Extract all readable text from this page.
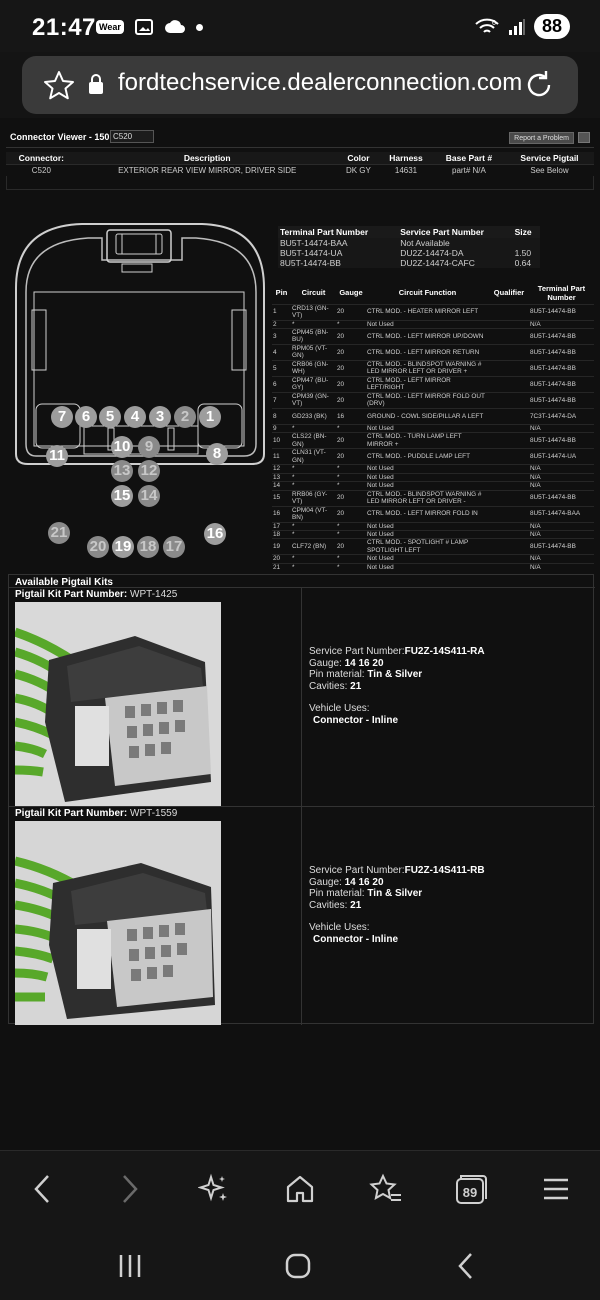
21:47 Wear	6	88
fordtechservice.dealerconnection.com
Connector Viewer - 150 C520	Report a Problem
Connector:	Description	Color	Harness	Base Part #	Service Pigtail
C520	EXTERIOR REAR VIEW MIRROR, DRIVER SIDE	DK GY	14631	part# N/A	See Below
7	6	5	4	3	2	1
11
10 9	8
13 12
15 14
21
20 19 18 17
16
Terminal Part Number	Service Part Number	Size
BU5T-14474-BAA	Not Available	
BU5T-14474-UA	DU2Z-14474-DA	1.50
8U5T-14474-BB	DU2Z-14474-CAFC	0.64
Pin	Circuit	Gauge	Circuit Function	Qualifier	Terminal Part Number
1	CRD13 (GN-VT)	20	CTRL MOD. - HEATER MIRROR LEFT		8U5T-14474-BB
2	*	*	Not Used		N/A
3	CPM45 (BN-BU)	20	CTRL MOD. - LEFT MIRROR UP/DOWN		8U5T-14474-BB
4	RPM05 (VT-GN)	20	CTRL MOD. - LEFT MIRROR RETURN		8U5T-14474-BB
5	CRB06 (GN-WH)	20	CTRL MOD. - BLINDSPOT WARNING # LED MIRROR LEFT OR DRIVER +		8U5T-14474-BB
6	CPM47 (BU-GY)	20	CTRL MOD. - LEFT MIRROR LEFT/RIGHT		8U5T-14474-BB
7	CPM39 (GN-VT)	20	CTRL MOD. - LEFT MIRROR FOLD OUT (DRV)		8U5T-14474-BB
8	GD233 (BK)	16	GROUND - COWL SIDE/PILLAR A LEFT		7C3T-14474-DA
9	*	*	Not Used		N/A
10	CLS22 (BN-GN)	20	CTRL MOD. - TURN LAMP LEFT MIRROR +		8U5T-14474-BB
11	CLN31 (VT-GN)	20	CTRL MOD. - PUDDLE LAMP LEFT		8U5T-14474-UA
12	*	*	Not Used		N/A
13	*	*	Not Used		N/A
14	*	*	Not Used		N/A
15	RRB06 (GY-VT)	20	CTRL MOD. - BLINDSPOT WARNING # LED MIRROR LEFT OR DRIVER -		8U5T-14474-BB
16	CPM04 (VT-BN)	20	CTRL MOD. - LEFT MIRROR FOLD IN		8U5T-14474-BAA
17	*	*	Not Used		N/A
18	*	*	Not Used		N/A
19	CLF72 (BN)	20	CTRL MOD. - SPOTLIGHT # LAMP SPOTLIGHT LEFT		8U5T-14474-BB
20	*	*	Not Used		N/A
21	*	*	Not Used		N/A
Available Pigtail Kits
Pigtail Kit Part Number: WPT-1425
Service Part Number:FU2Z-14S411-RA
Gauge: 14 16 20
Pin material: Tin & Silver
Cavities: 21
Vehicle Uses:
Connector - Inline
Pigtail Kit Part Number: WPT-1559
Service Part Number:FU2Z-14S411-RB
Gauge: 14 16 20
Pin material: Tin & Silver
Cavities: 21
Vehicle Uses:
Connector - Inline
89
